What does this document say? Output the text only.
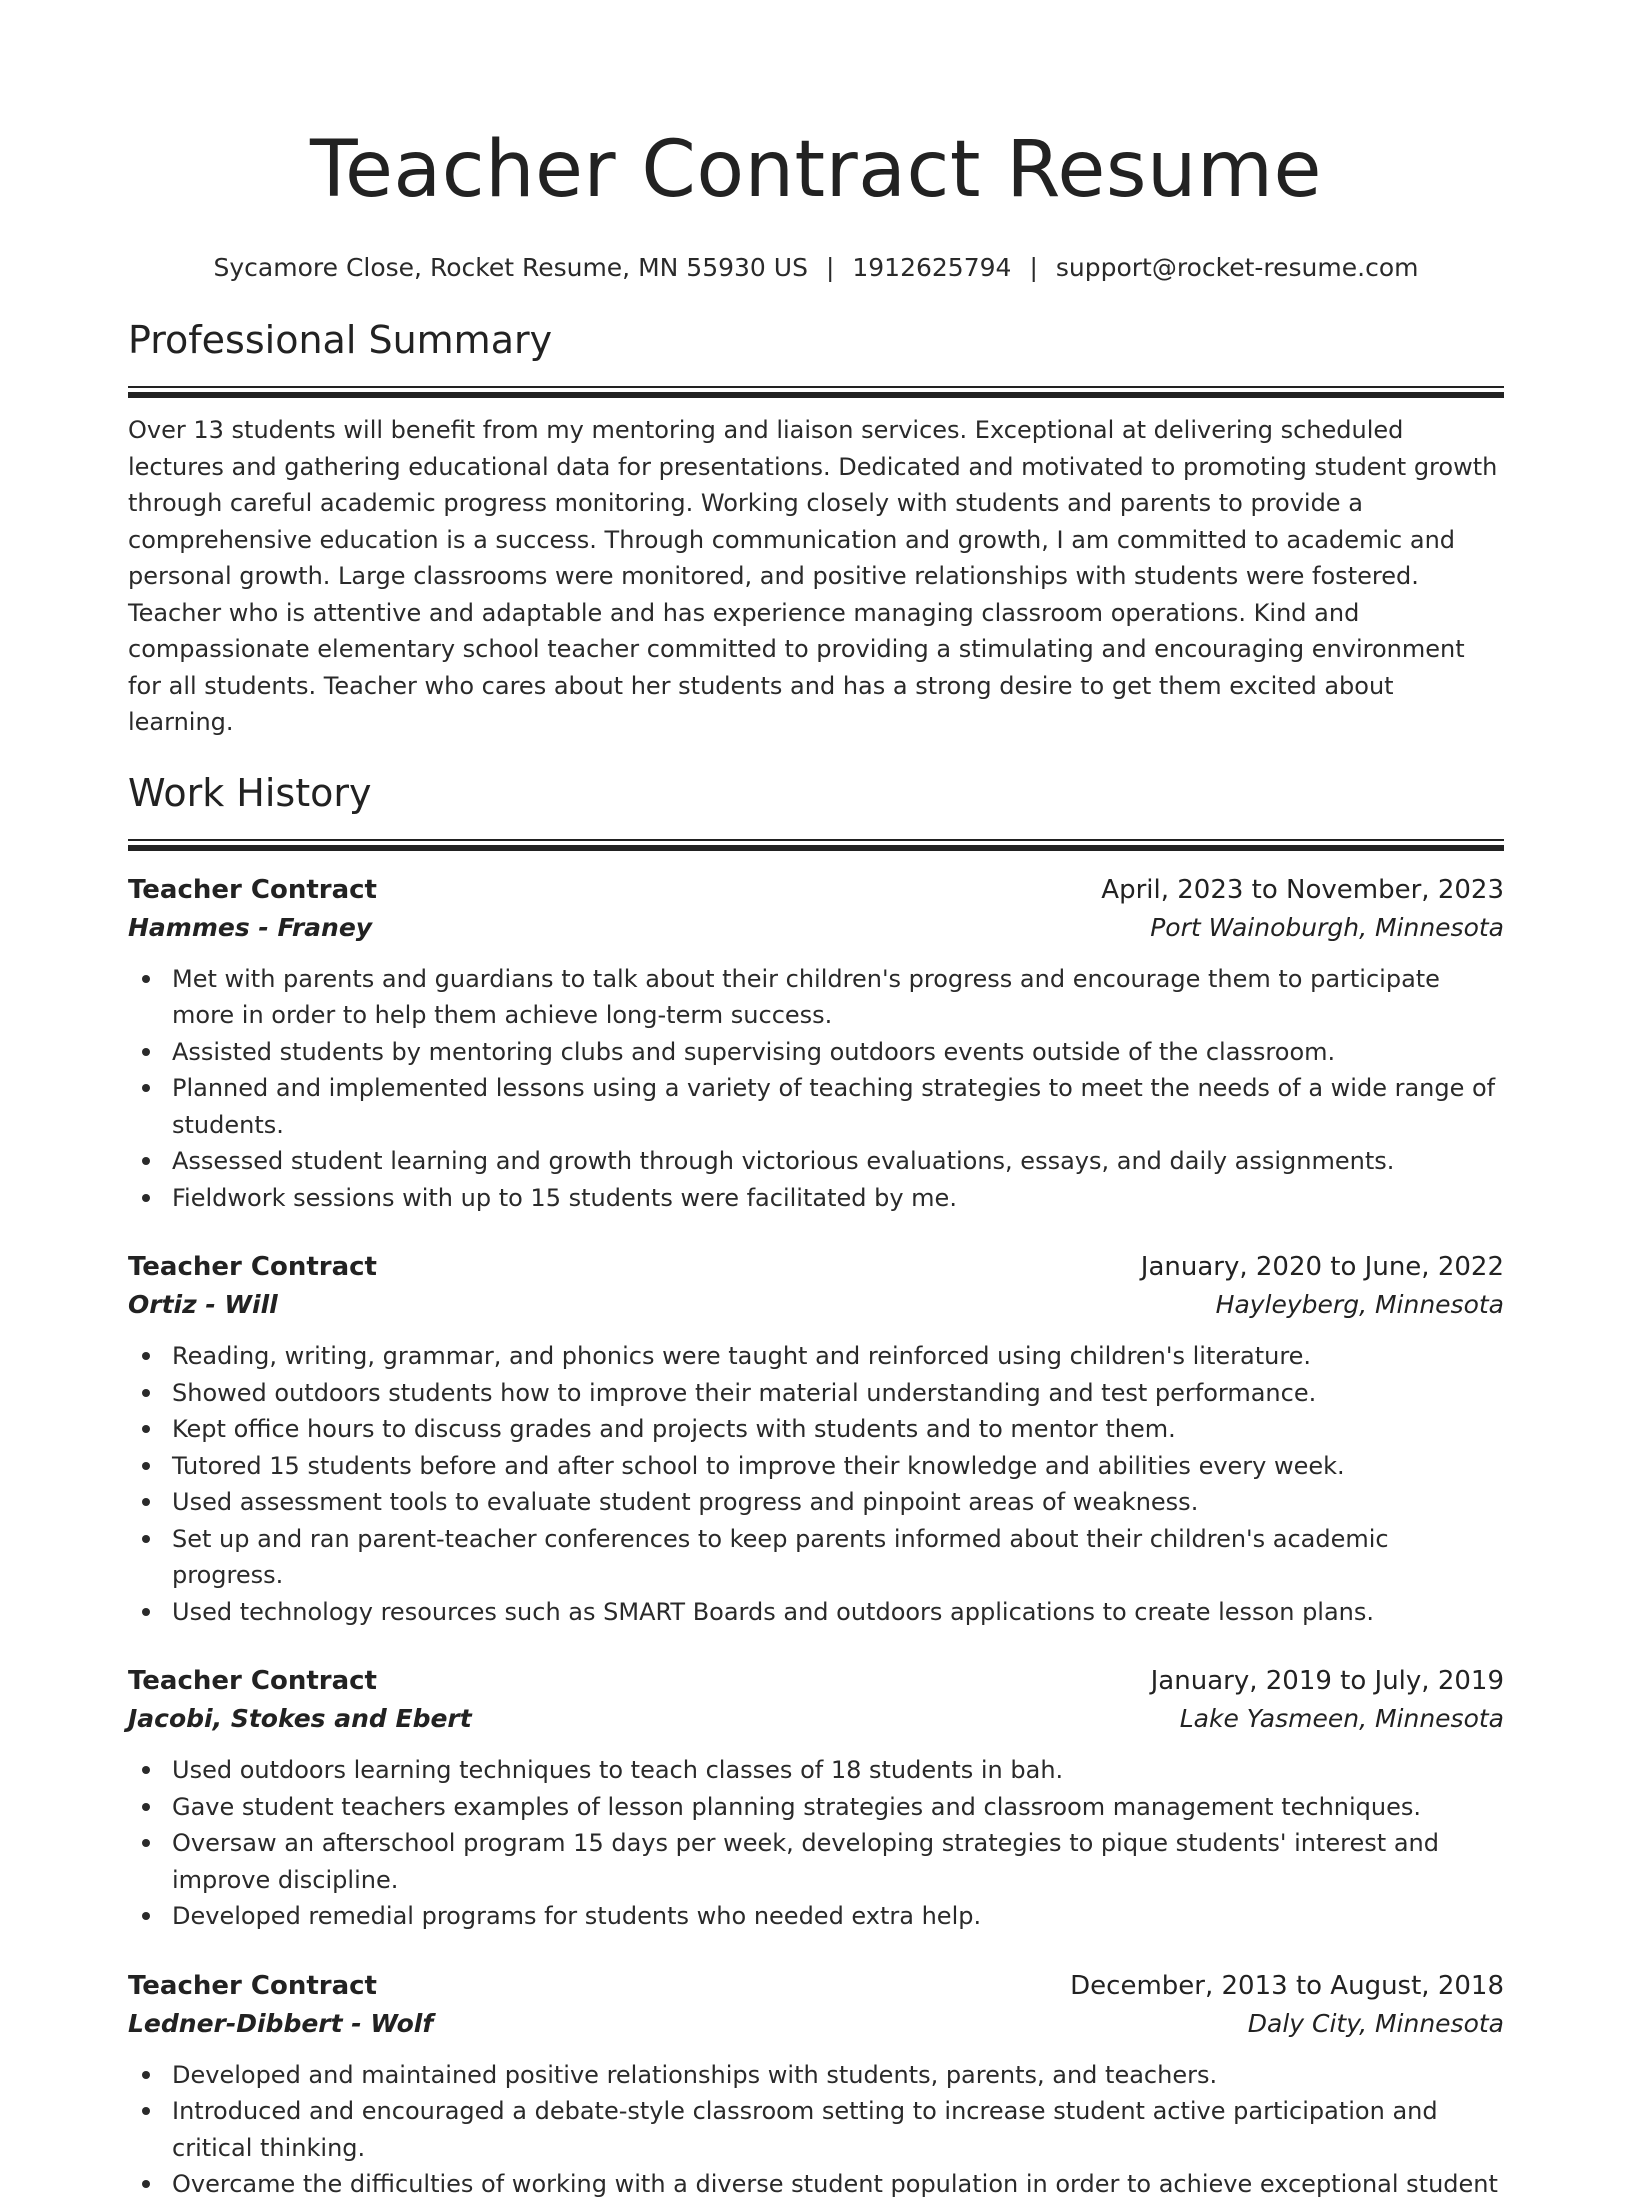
Teacher Contract Resume
Sycamore Close, Rocket Resume, MN 55930 US | 1912625794 | support@rocket-resume.com
Professional Summary

Over 13 students will benefit from my mentoring and liaison services. Exceptional at delivering scheduled lectures and gathering educational data for presentations. Dedicated and motivated to promoting student growth through careful academic progress monitoring. Working closely with students and parents to provide a comprehensive education is a success. Through communication and growth, I am committed to academic and personal growth. Large classrooms were monitored, and positive relationships with students were fostered. Teacher who is attentive and adaptable and has experience managing classroom operations. Kind and compassionate elementary school teacher committed to providing a stimulating and encouraging environment for all students. Teacher who cares about her students and has a strong desire to get them excited about learning.

Work History
Teacher Contract	April, 2023 to November, 2023
Hammes - Franey	Port Wainoburgh, Minnesota
Met with parents and guardians to talk about their children's progress and encourage them to participate more in order to help them achieve long-term success.
Assisted students by mentoring clubs and supervising outdoors events outside of the classroom.
Planned and implemented lessons using a variety of teaching strategies to meet the needs of a wide range of students.
Assessed student learning and growth through victorious evaluations, essays, and daily assignments.
Fieldwork sessions with up to 15 students were facilitated by me.
Teacher Contract	January, 2020 to June, 2022
Ortiz - Will	Hayleyberg, Minnesota
Reading, writing, grammar, and phonics were taught and reinforced using children's literature.
Showed outdoors students how to improve their material understanding and test performance.
Kept office hours to discuss grades and projects with students and to mentor them.
Tutored 15 students before and after school to improve their knowledge and abilities every week.
Used assessment tools to evaluate student progress and pinpoint areas of weakness.
Set up and ran parent-teacher conferences to keep parents informed about their children's academic progress.
Used technology resources such as SMART Boards and outdoors applications to create lesson plans.
Teacher Contract	January, 2019 to July, 2019
Jacobi, Stokes and Ebert	Lake Yasmeen, Minnesota
Used outdoors learning techniques to teach classes of 18 students in bah.
Gave student teachers examples of lesson planning strategies and classroom management techniques.
Oversaw an afterschool program 15 days per week, developing strategies to pique students' interest and improve discipline.
Developed remedial programs for students who needed extra help.
Teacher Contract	December, 2013 to August, 2018
Ledner-Dibbert - Wolf	Daly City, Minnesota
Developed and maintained positive relationships with students, parents, and teachers.
Introduced and encouraged a debate-style classroom setting to increase student active participation and critical thinking.
Overcame the difficulties of working with a diverse student population in order to achieve exceptional student
